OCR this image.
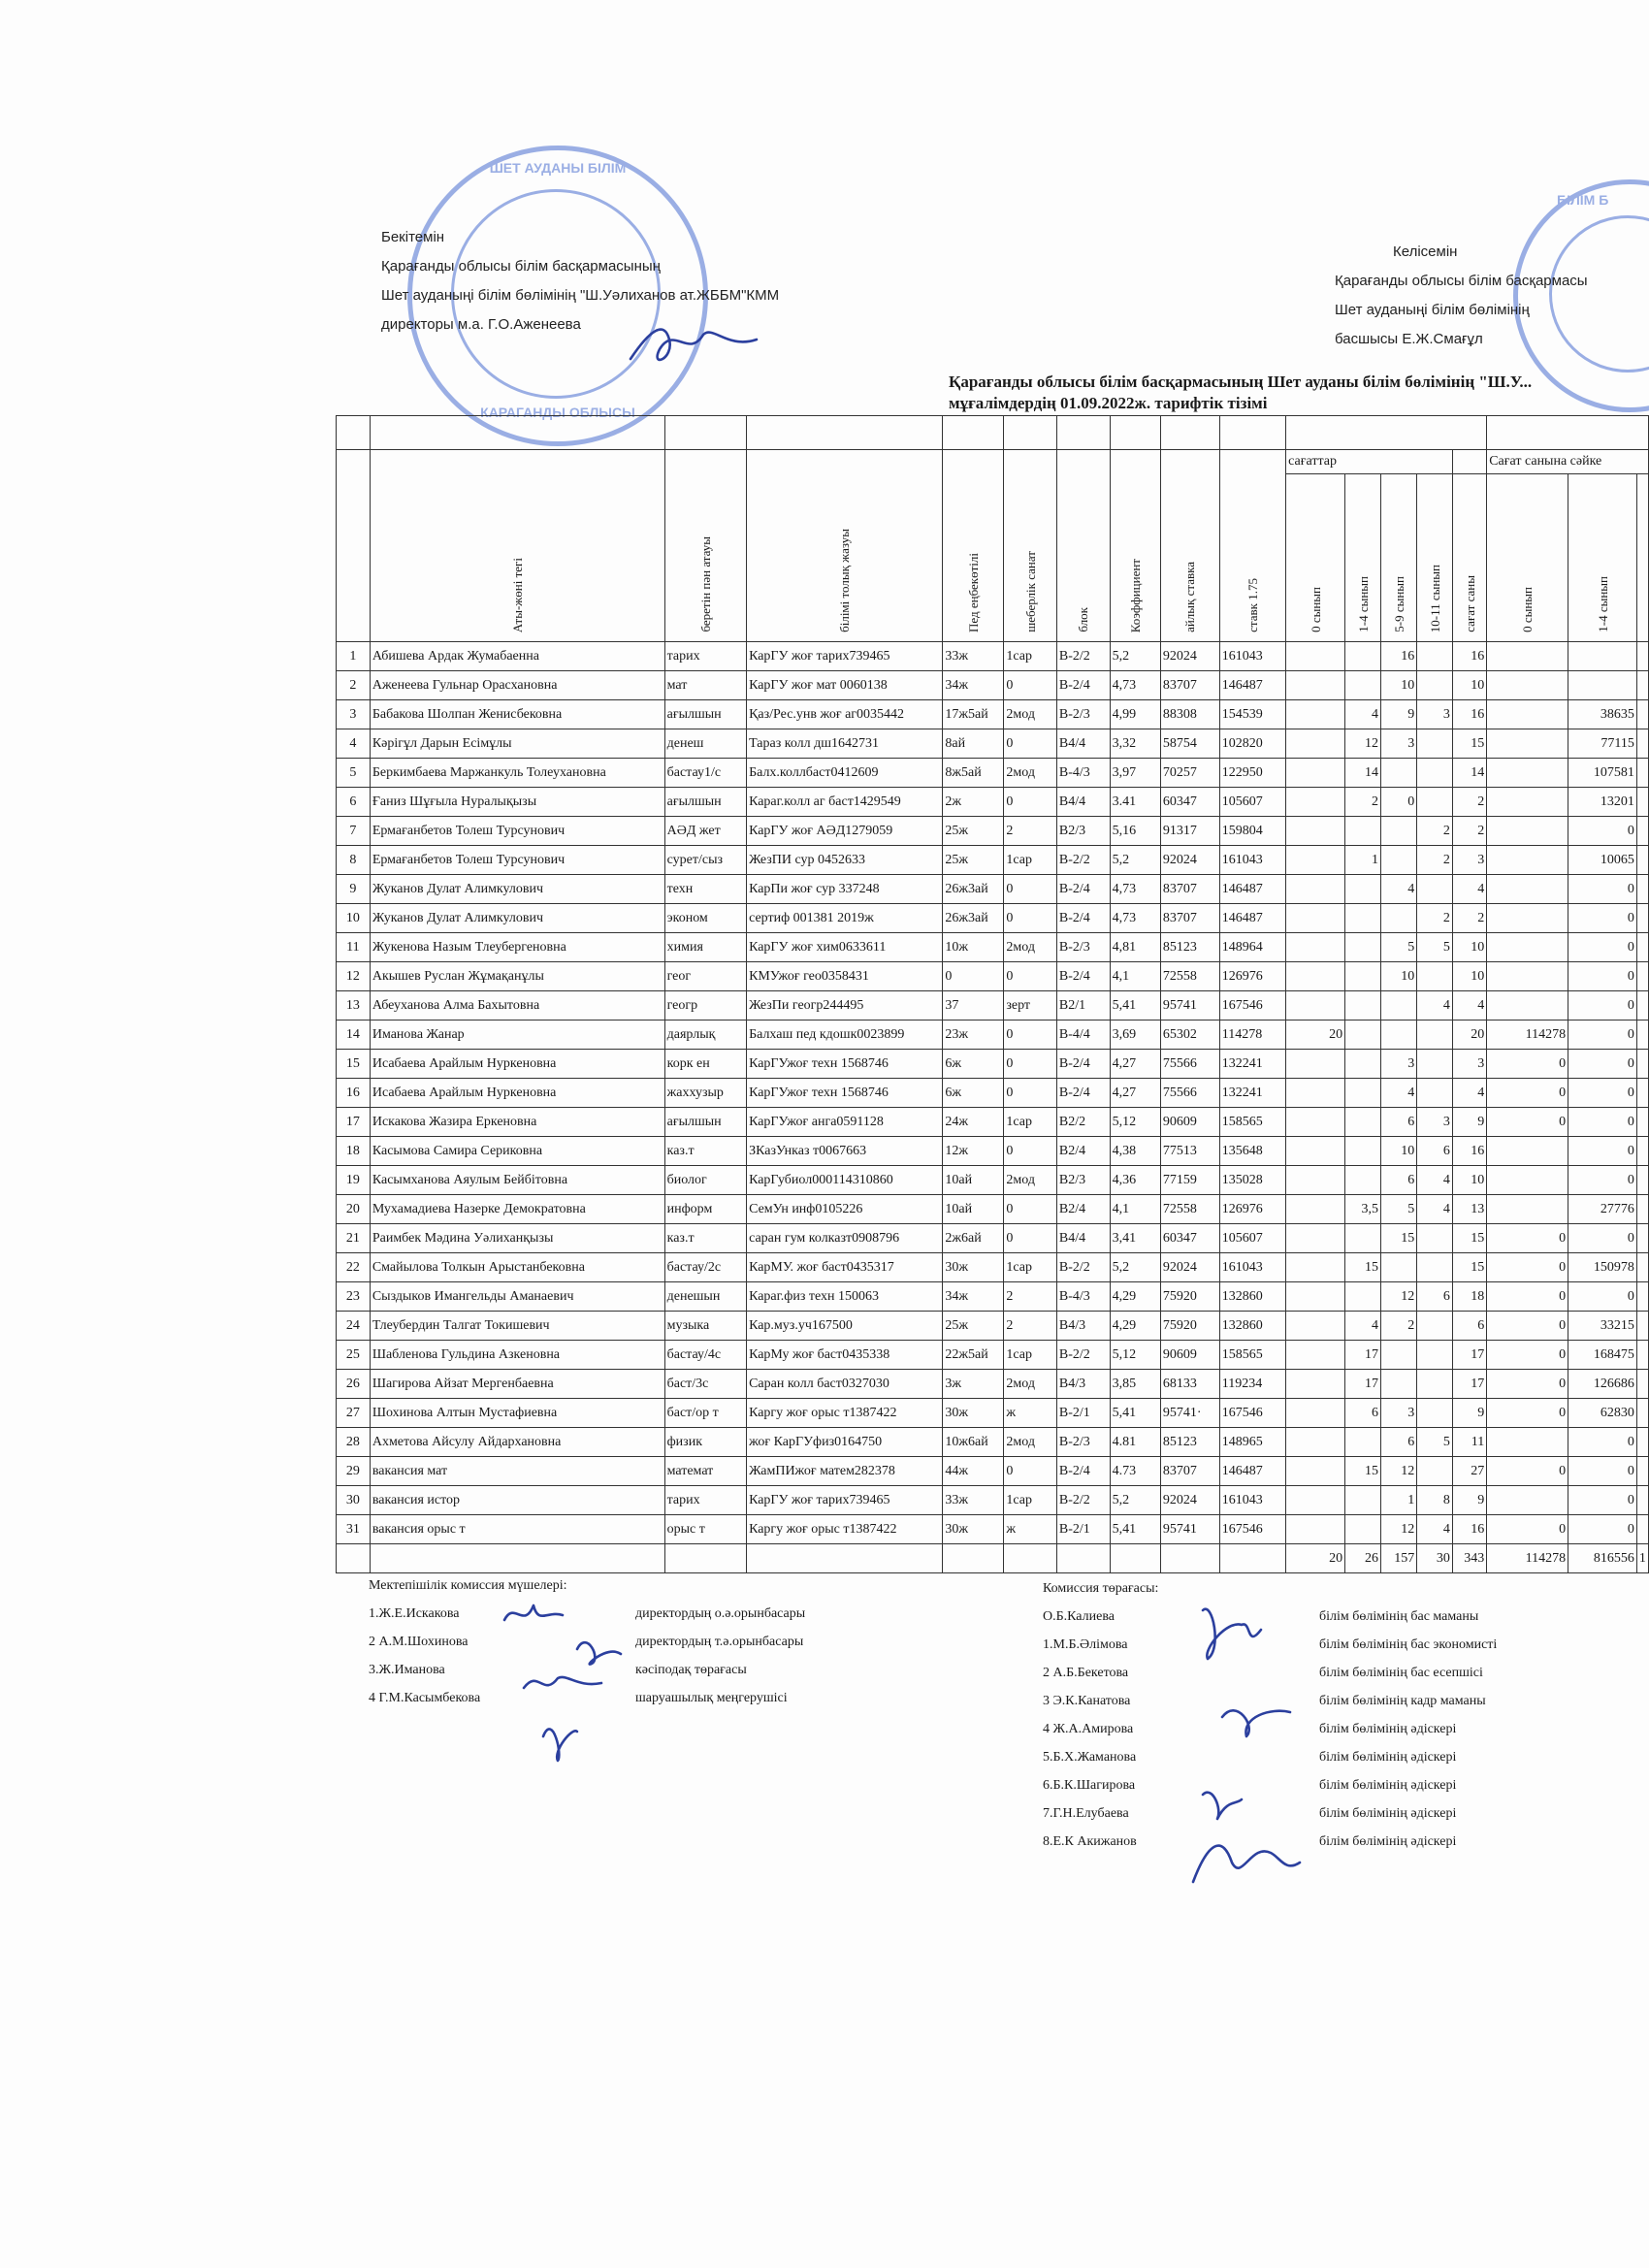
ШЕТ АУДАНЫ БІЛІМ
КАРАГАНДЫ ОБЛЫСЫ
БІЛІМ Б

Бекітемін

Қарағанды облысы білім басқармасының

Шет ауданыңі білім бөлімінің "Ш.Уәлиханов ат.ЖББМ"КММ

директоры м.а. Г.О.Аженеева

Келісемін

Қарағанды облысы білім басқармасы

Шет ауданыңі білім бөлімінің

басшысы Е.Ж.Смағұл

Қарағанды облысы білім басқармасының Шет ауданы білім бөлімінің "Ш.У...
мұғалімдердің 01.09.2022ж. тарифтік тізімі

	Аты-жөні тегі	беретін пән атауы	білімі толық жазуы	Пед еңбекөтілі	шеберлік санат	блок	Коэффициент	айлық ставка	ставк 1.75	сағаттар					Сағат санына сәйке		
										0 сынып	1-4 сынып	5-9 сынып	10-11 сынып	сағат саны	0 сынып	1-4 сынып	
1	Абишева Ардак Жумабаенна	тарих	КарГУ жоғ тарих739465	33ж	1сар	В-2/2	5,2	92024	161043			16		16			
2	Аженеева Гульнар Орасхановна	мат	КарГУ жоғ мат 0060138	34ж	0	В-2/4	4,73	83707	146487			10		10			
3	Бабакова Шолпан Женисбековна	ағылшын	Қаз/Рес.унв жоғ аг0035442	17ж5ай	2мод	В-2/3	4,99	88308	154539		4	9	3	16		38635	
4	Кәрігұл Дарын Есімұлы	денеш	Тараз колл дш1642731	8ай	0	В4/4	3,32	58754	102820		12	3		15		77115	
5	Беркимбаева Маржанкуль Толеухановна	бастау1/с	Балх.коллбаст0412609	8ж5ай	2мод	В-4/3	3,97	70257	122950		14			14		107581	
6	Ғаниз Шұғыла Нуралықызы	ағылшын	Караг.колл аг баст1429549	2ж	0	В4/4	3.41	60347	105607		2	0		2		13201	
7	Ермағанбетов Толеш Турсунович	АӘД жет	КарГУ жоғ АӘД1279059	25ж	2	В2/3	5,16	91317	159804				2	2		0	
8	Ермағанбетов Толеш Турсунович	сурет/сыз	ЖезПИ сур 0452633	25ж	1сар	В-2/2	5,2	92024	161043		1		2	3		10065	
9	Жуканов Дулат Алимкулович	техн	КарПи жоғ сур 337248	26ж3ай	0	В-2/4	4,73	83707	146487			4		4		0	
10	Жуканов Дулат Алимкулович	эконом	сертиф 001381 2019ж	26ж3ай	0	В-2/4	4,73	83707	146487				2	2		0	
11	Жукенова Назым Тлеубергеновна	химия	КарГУ жоғ хим0633611	10ж	2мод	В-2/3	4,81	85123	148964			5	5	10		0	
12	Акышев Руслан Жұмақанұлы	геог	КМУжоғ гео0358431	0	0	В-2/4	4,1	72558	126976			10		10		0	
13	Абеуханова Алма Бахытовна	геогр	ЖезПи геогр244495	37	зерт	В2/1	5,41	95741	167546				4	4		0	
14	Иманова Жанар	даярлық	Балхаш пед кдошк0023899	23ж	0	В-4/4	3,69	65302	114278	20				20	114278	0	
15	Исабаева Арайлым Нуркеновна	корк ен	КарГУжоғ техн 1568746	6ж	0	В-2/4	4,27	75566	132241			3		3	0	0	
16	Исабаева Арайлым Нуркеновна	жаххузыр	КарГУжоғ техн 1568746	6ж	0	В-2/4	4,27	75566	132241			4		4	0	0	
17	Искакова Жазира Еркеновна	ағылшын	КарГУжоғ анга0591128	24ж	1сар	В2/2	5,12	90609	158565			6	3	9	0	0	
18	Касымова Самира Сериковна	каз.т	ЗКазУнказ т0067663	12ж	0	В2/4	4,38	77513	135648			10	6	16		0	
19	Касымханова Аяулым Бейбітовна	биолог	КарГубиол000114310860	10ай	2мод	В2/3	4,36	77159	135028			6	4	10		0	
20	Мухамадиева Назерке Демократовна	информ	СемУн инф0105226	10ай	0	В2/4	4,1	72558	126976		3,5	5	4	13		27776	
21	Раимбек Мәдина Уәлиханқызы	каз.т	саран гум колказт0908796	2ж6ай	0	В4/4	3,41	60347	105607			15		15	0	0	
22	Смайылова Толкын Арыстанбековна	бастау/2с	КарМУ. жоғ баст0435317	30ж	1сар	В-2/2	5,2	92024	161043		15			15	0	150978	
23	Сыздыков Имангельды Аманаевич	денешын	Караг.физ техн 150063	34ж	2	В-4/3	4,29	75920	132860			12	6	18	0	0	
24	Тлеубердин Талгат Токишевич	музыка	Кар.муз.уч167500	25ж	2	В4/3	4,29	75920	132860		4	2		6	0	33215	
25	Шабленова Гульдина Азкеновна	бастау/4с	КарМу жоғ баст0435338	22ж5ай	1сар	В-2/2	5,12	90609	158565		17			17	0	168475	
26	Шагирова Айзат Мергенбаевна	баст/3с	Саран колл баст0327030	3ж	2мод	В4/3	3,85	68133	119234		17			17	0	126686	
27	Шохинова Алтын Мустафиевна	баст/ор т	Каргу жоғ орыс т1387422	30ж	ж	В-2/1	5,41	95741·	167546		6	3		9	0	62830	
28	Ахметова Айсулу Айдархановна	физик	жоғ КарГУфиз0164750	10ж6ай	2мод	В-2/3	4.81	85123	148965			6	5	11		0	
29	вакансия мат	математ	ЖамПИжоғ матем282378	44ж	0	В-2/4	4.73	83707	146487		15	12		27	0	0	
30	вакансия истор	тарих	КарГУ жоғ тарих739465	33ж	1сар	В-2/2	5,2	92024	161043			1	8	9		0	
31	вакансия орыс т	орыс т	Каргу жоғ орыс т1387422	30ж	ж	В-2/1	5,41	95741	167546			12	4	16	0	0	
										20	26	157	30	343	114278	816556	1

Мектепішілік комиссия мүшелері:

1.Ж.Е.Искакова	директордың о.ә.орынбасары

2 А.М.Шохинова	директордың т.ә.орынбасары

3.Ж.Иманова	кәсіподақ төрағасы

4 Г.М.Касымбекова	шаруашылық меңгерушісі

Комиссия төрағасы:

О.Б.Калиева	білім бөлімінің бас маманы

1.М.Б.Әлімова	білім бөлімінің бас экономисті

2 А.Б.Бекетова	білім бөлімінің бас есепшісі

3 Э.К.Канатова	білім бөлімінің кадр маманы

4 Ж.А.Амирова	білім бөлімінің әдіскері

5.Б.Х.Жаманова	білім бөлімінің әдіскері

6.Б.К.Шагирова	білім бөлімінің әдіскері

7.Г.Н.Елубаева	білім бөлімінің әдіскері

8.Е.К Акижанов	білім бөлімінің әдіскері
